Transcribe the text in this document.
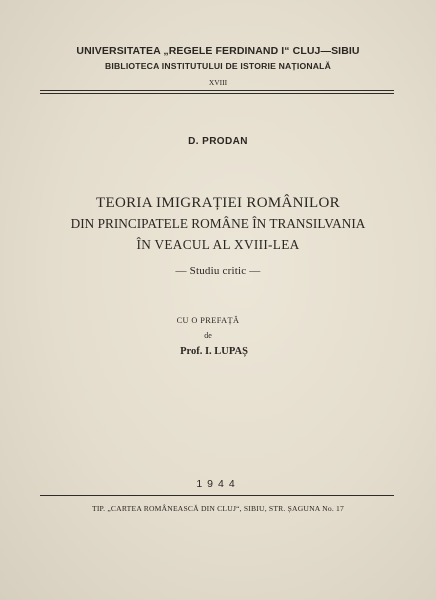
UNIVERSITATEA „REGELE FERDINAND I“ CLUJ—SIBIU
BIBLIOTECA INSTITUTULUI DE ISTORIE NAȚIONALĂ
XVIII
D. PRODAN
TEORIA IMIGRAȚIEI ROMÂNILOR
DIN PRINCIPATELE ROMÂNE ÎN TRANSILVANIA
ÎN VEACUL AL XVIII-LEA
— Studiu critic —
CU O PREFAȚĂ
de
Prof. I. LUPAȘ
1944
TIP. „CARTEA ROMÂNEASCĂ DIN CLUJ“, SIBIU, STR. ȘAGUNA No. 17
